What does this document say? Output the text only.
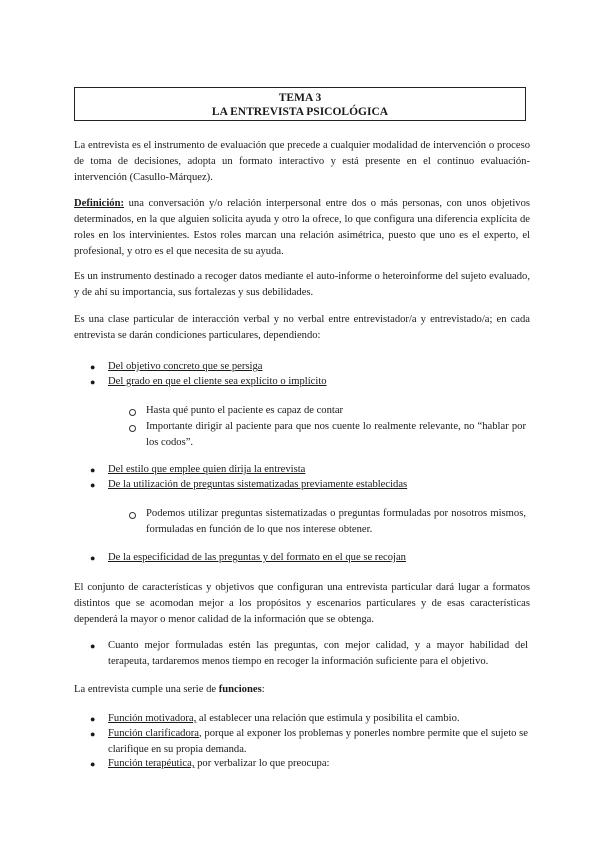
TEMA 3
LA ENTREVISTA PSICOLÓGICA
La entrevista es el instrumento de evaluación que precede a cualquier modalidad de intervención o proceso de toma de decisiones, adopta un formato interactivo y está presente en el continuo evaluación-intervención (Casullo-Márquez).
Definición: una conversación y/o relación interpersonal entre dos o más personas, con unos objetivos determinados, en la que alguien solicita ayuda y otro la ofrece, lo que configura una diferencia explícita de roles en los intervinientes. Estos roles marcan una relación asimétrica, puesto que uno es el experto, el profesional, y otro es el que necesita de su ayuda.
Es un instrumento destinado a recoger datos mediante el auto-informe o heteroinforme del sujeto evaluado, y de ahí su importancia, sus fortalezas y sus debilidades.
Es una clase particular de interacción verbal y no verbal entre entrevistador/a y entrevistado/a; en cada entrevista se darán condiciones particulares, dependiendo:
● Del objetivo concreto que se persiga
● Del grado en que el cliente sea explícito o implícito
Hasta qué punto el paciente es capaz de contar
Importante dirigir al paciente para que nos cuente lo realmente relevante, no “hablar por los codos”.
● Del estilo que emplee quien dirija la entrevista
● De la utilización de preguntas sistematizadas previamente establecidas
Podemos utilizar preguntas sistematizadas o preguntas formuladas por nosotros mismos, formuladas en función de lo que nos interese obtener.
● De la especificidad de las preguntas y del formato en el que se recojan
El conjunto de características y objetivos que configuran una entrevista particular dará lugar a formatos distintos que se acomodan mejor a los propósitos y escenarios particulares y de esas características dependerá la mayor o menor calidad de la información que se obtenga.
● Cuanto mejor formuladas estén las preguntas, con mejor calidad, y a mayor habilidad del terapeuta, tardaremos menos tiempo en recoger la información suficiente para el objetivo.
La entrevista cumple una serie de funciones:
● Función motivadora, al establecer una relación que estimula y posibilita el cambio.
● Función clarificadora, porque al exponer los problemas y ponerles nombre permite que el sujeto se clarifique en su propia demanda.
● Función terapéutica, por verbalizar lo que preocupa:
